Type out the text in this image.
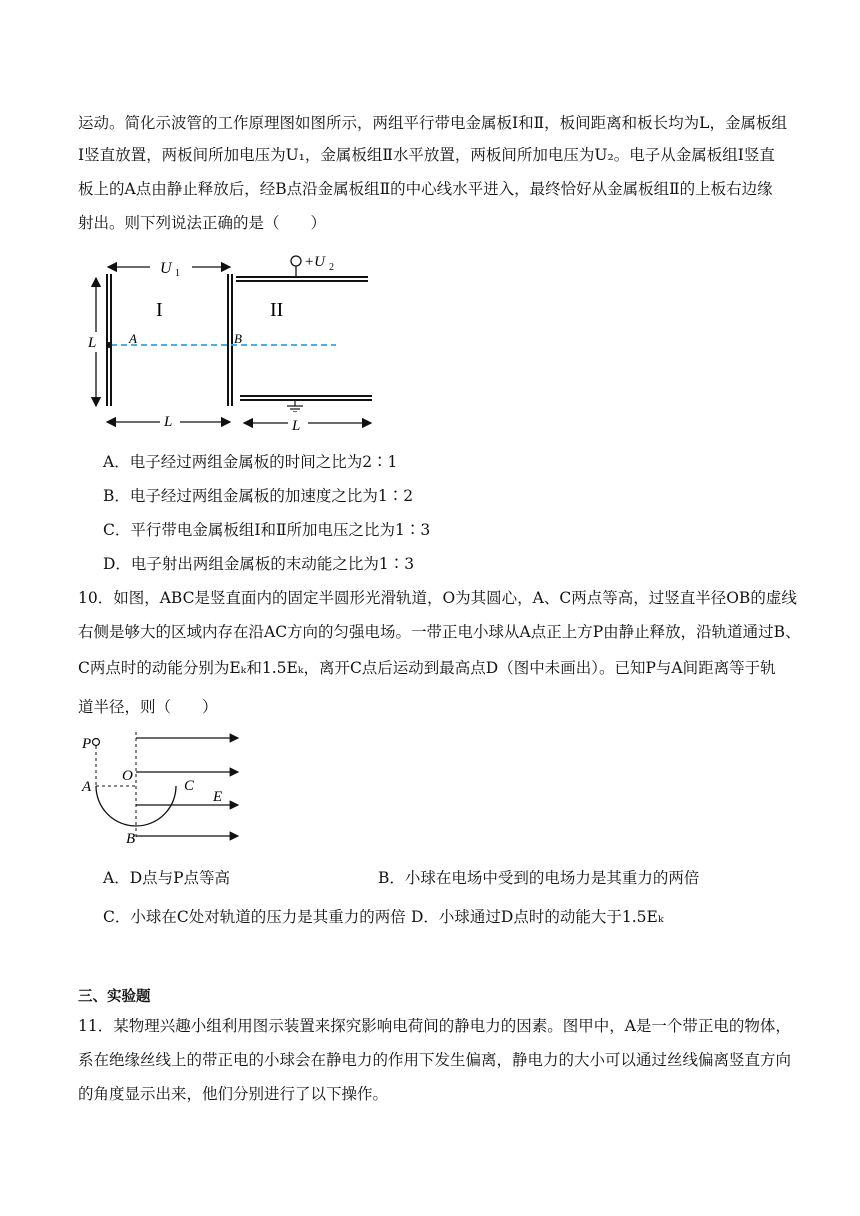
运动。简化示波管的工作原理图如图所示，两组平行带电金属板Ⅰ和Ⅱ，板间距离和板长均为L，金属板组
Ⅰ竖直放置，两板间所加电压为U₁，金属板组Ⅱ水平放置，两板间所加电压为U₂。电子从金属板组Ⅰ竖直
板上的A点由静止释放后，经B点沿金属板组Ⅱ的中心线水平进入，最终恰好从金属板组Ⅱ的上板右边缘
射出。则下列说法正确的是（　　）
U 1
L
I	II
+U 2
A	B
L	L
A．电子经过两组金属板的时间之比为2∶1
B．电子经过两组金属板的加速度之比为1∶2
C．平行带电金属板组Ⅰ和Ⅱ所加电压之比为1∶3
D．电子射出两组金属板的末动能之比为1∶3
10．如图，ABC是竖直面内的固定半圆形光滑轨道，O为其圆心，A、C两点等高，过竖直半径OB的虚线
右侧是够大的区域内存在沿AC方向的匀强电场。一带正电小球从A点正上方P由静止释放，沿轨道通过B、
C两点时的动能分别为Eₖ和1.5Eₖ，离开C点后运动到最高点D（图中未画出）。已知P与A间距离等于轨
道半径，则（　　）
P
O
A	C
E
B
A．D点与P点等高	B．小球在电场中受到的电场力是其重力的两倍
C．小球在C处对轨道的压力是其重力的两倍 D．小球通过D点时的动能大于1.5Eₖ
三、实验题
11．某物理兴趣小组利用图示装置来探究影响电荷间的静电力的因素。图甲中，A是一个带正电的物体，
系在绝缘丝线上的带正电的小球会在静电力的作用下发生偏离，静电力的大小可以通过丝线偏离竖直方向
的角度显示出来，他们分别进行了以下操作。
